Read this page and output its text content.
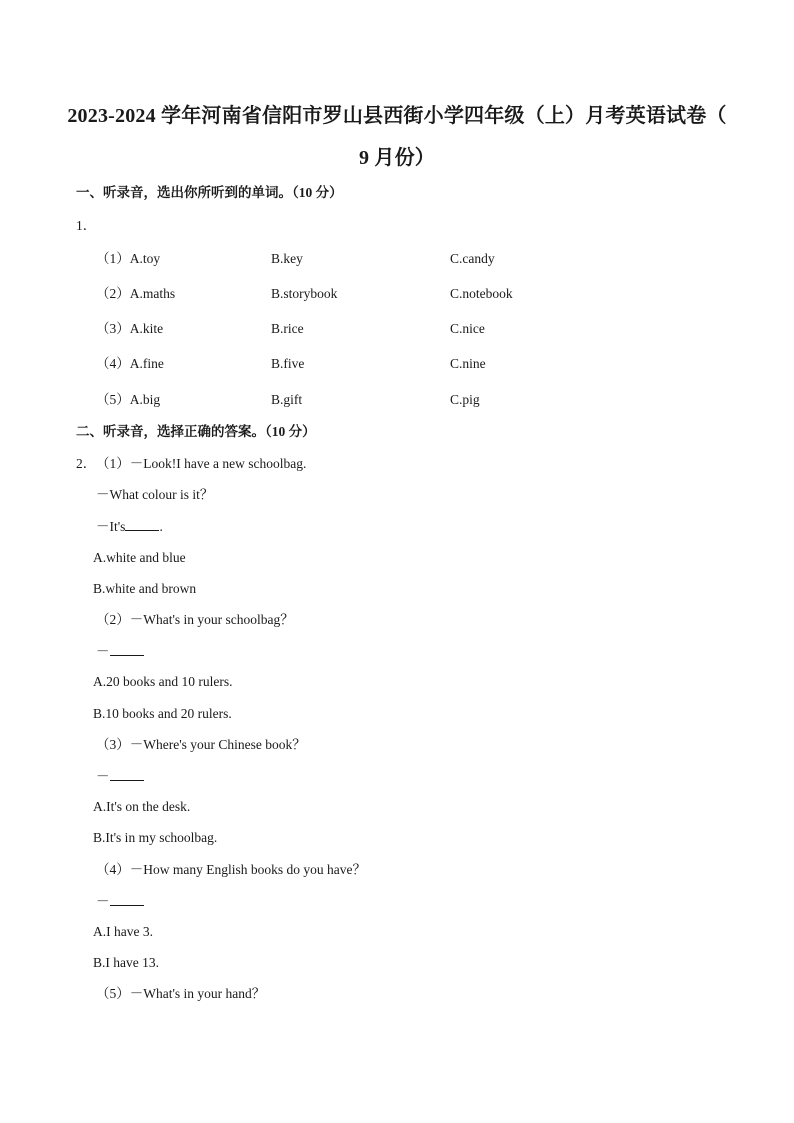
2023-2024 学年河南省信阳市罗山县西街小学四年级（上）月考英语试卷（
9 月份）
一、听录音，选出你所听到的单词。（10 分）
1．
（1）A.toy	B.key	C.candy
（2）A.maths	B.storybook	C.notebook
（3）A.kite	B.rice	C.nice
（4）A.fine	B.five	C.nine
（5）A.big	B.gift	C.pig
二、听录音，选择正确的答案。（10 分）
2． （1）－Look!I have a new schoolbag.
－What colour is it？
－It's	.
A.white and blue
B.white and brown
（2）－What's in your schoolbag？
－
A.20 books and 10 rulers.
B.10 books and 20 rulers.
（3）－Where's your Chinese book？
－
A.It's on the desk.
B.It's in my schoolbag.
（4）－How many English books do you have？
－
A.I have 3.
B.I have 13.
（5）－What's in your hand？
